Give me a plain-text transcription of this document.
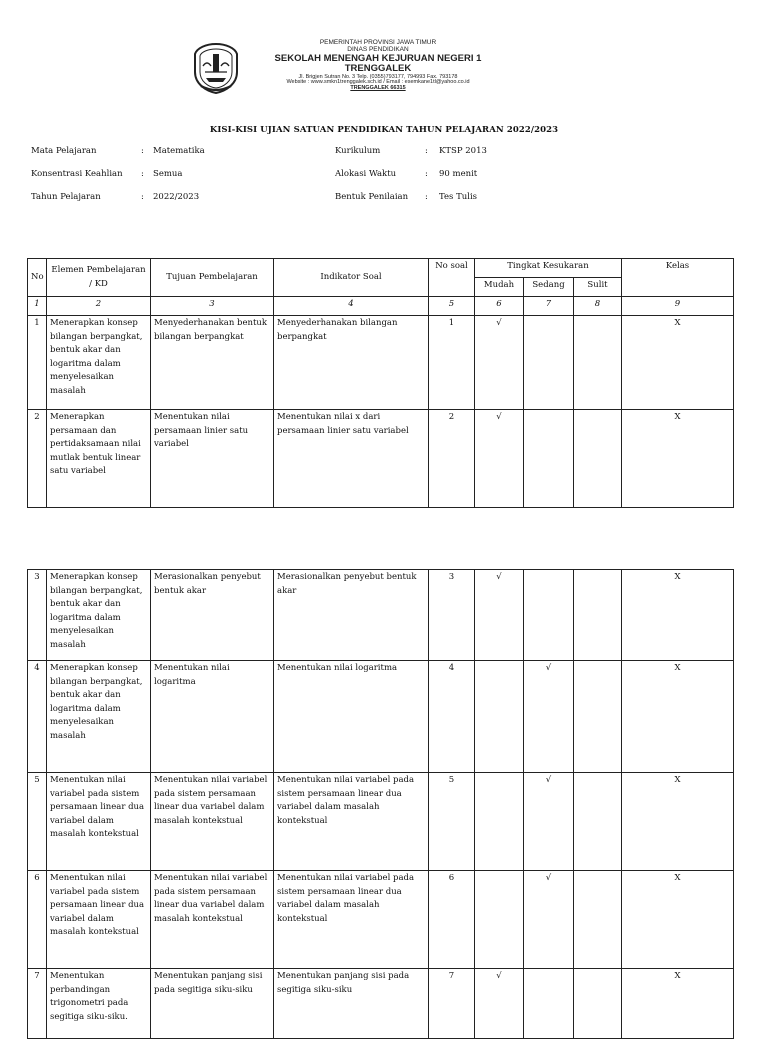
PEMERINTAH PROVINSI JAWA TIMUR
DINAS PENDIDIKAN
SEKOLAH MENENGAH KEJURUAN NEGERI 1
TRENGGALEK
Jl. Brigjen Sutran No. 3 Telp. (0355)793177, 794993 Fax. 793178
Website : www.smkn1trenggalek.sch.id / Email : esemkane1tl@yahoo.co.id
TRENGGALEK 66315
KISI-KISI UJIAN SATUAN PENDIDIKAN TAHUN PELAJARAN 2022/2023
Mata Pelajaran	: Matematika
Konsentrasi Keahlian : Semua
Tahun Pelajaran	: 2022/2023
Kurikulum	: KTSP 2013
Alokasi Waktu	: 90 menit
Bentuk Penilaian : Tes Tulis
No	Elemen Pembelajaran / KD	Tujuan Pembelajaran	Indikator Soal	No soal	Tingkat Kesukaran			Kelas
					Mudah	Sedang	Sulit	
1	2	3	4	5	6	7	8	9
1	Menerapkan konsep bilangan berpangkat, bentuk akar dan logaritma dalam menyelesaikan masalah	Menyederhanakan bentuk bilangan berpangkat	Menyederhanakan bilangan berpangkat	1	√			X
2	Menerapkan persamaan dan pertidaksamaan nilai mutlak bentuk linear satu variabel	Menentukan nilai persamaan linier satu variabel	Menentukan nilai x dari persamaan linier satu variabel	2	√			X
3	Menerapkan konsep bilangan berpangkat, bentuk akar dan logaritma dalam menyelesaikan masalah	Merasionalkan penyebut bentuk akar	Merasionalkan penyebut bentuk akar	3	√			X
4	Menerapkan konsep bilangan berpangkat, bentuk akar dan logaritma dalam menyelesaikan masalah	Menentukan nilai logaritma	Menentukan nilai logaritma	4		√		X
5	Menentukan nilai variabel pada sistem persamaan linear dua variabel dalam masalah kontekstual	Menentukan nilai variabel pada sistem persamaan linear dua variabel dalam masalah kontekstual	Menentukan nilai variabel pada sistem persamaan linear dua variabel dalam masalah kontekstual	5		√		X
6	Menentukan nilai variabel pada sistem persamaan linear dua variabel dalam masalah kontekstual	Menentukan nilai variabel pada sistem persamaan linear dua variabel dalam masalah kontekstual	Menentukan nilai variabel pada sistem persamaan linear dua variabel dalam masalah kontekstual	6		√		X
7	Menentukan perbandingan trigonometri pada segitiga siku-siku.	Menentukan panjang sisi pada segitiga siku-siku	Menentukan panjang sisi pada segitiga siku-siku	7	√			X
